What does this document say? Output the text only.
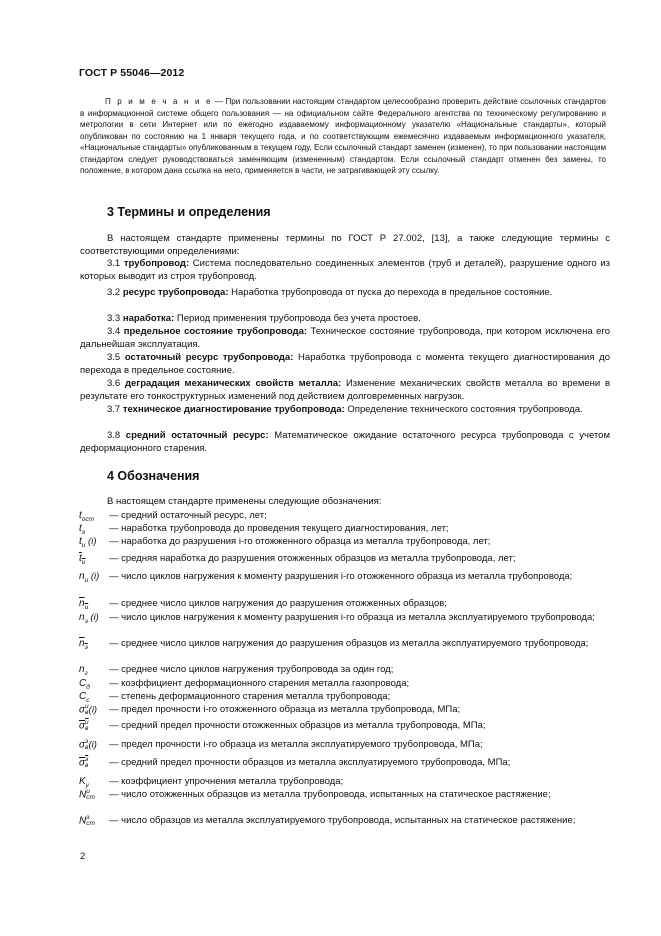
ГОСТ Р 55046—2012
П р и м е ч а н и е — При пользовании настоящим стандартом целесообразно проверить действие ссылочных стандартов в информационной системе общего пользования — на официальном сайте Федерального агентства по техническому регулированию и метрологии в сети Интернет или по ежегодно издаваемому информационному указателю «Национальные стандарты», который опубликован по состоянию на 1 января текущего года, и по соответствующим ежемесячно издаваемым информационного указателя, «Национальные стандарты» опубликованным в текущем году. Если ссылочный стандарт заменен (изменен), то при пользовании настоящим стандартом следует руководствоваться заменяющим (измененным) стандартом. Если ссылочный стандарт отменен без замены, то положение, в котором дана ссылка на него, применяется в части, не затрагивающей эту ссылку.
3 Термины и определения
В настоящем стандарте применены термины по ГОСТ Р 27.002, [13], а также следующие термины с соответствующими определениями:
3.1 трубопровод: Система последовательно соединенных элементов (труб и деталей), разрушение одного из которых выводит из строя трубопровод.
3.2 ресурс трубопровода: Наработка трубопровода от пуска до перехода в предельное состояние.
3.3 наработка: Период применения трубопровода без учета простоев.
3.4 предельное состояние трубопровода: Техническое состояние трубопровода, при котором исключена его дальнейшая эксплуатация.
3.5 остаточный ресурс трубопровода: Наработка трубопровода с момента текущего диагностирования до перехода в предельное состояние.
3.6 деградация механических свойств металла: Изменение механических свойств металла во времени в результате его тонкоструктурных изменений под действием долговременных нагрузок.
3.7 техническое диагностирование трубопровода: Определение технического состояния трубопровода.
3.8 средний остаточный ресурс: Математическое ожидание остаточного ресурса трубопровода с учетом деформационного старения.
4 Обозначения
В настоящем стандарте применены следующие обозначения:
$t_{ост}$	— средний остаточный ресурс, лет;
$t_э$	— наработка трубопровода до проведения текущего диагностирования, лет;
$t_и$ (i)	— наработка до разрушения i-го отожженного образца из металла трубопровода, лет;
$\overline{t}_и$	— средняя наработка до разрушения отожженных образцов из металла трубопровода, лет;
$n_и$ (i)	— число циклов нагружения к моменту разрушения i-го отожженного образца из металла трубопровода;
$\overline{n}_и$	— среднее число циклов нагружения до разрушения отожженных образцов;
$n_э$ (i)	— число циклов нагружения к моменту разрушения i-го образца из металла эксплуатируемого трубопровода;
$\overline{n}_э$	— среднее число циклов нагружения до разрушения образцов из металла эксплуатируемого трубопровода;
$n_г$	— среднее число циклов нагружения трубопровода за один год;
$C_д$	— коэффициент деформационного старения металла газопровода;
$C_с$	— степень деформационного старения металла трубопровода;
σ и
в (i)	— предел прочности i-го отожженного образца из металла трубопровода, МПа;
$\overline{\sigma}$ и
в — средний предел прочности отожженных образцов из металла трубопровода, МПа;
σ э
в (i)	— предел прочности i-го образца из металла эксплуатируемого трубопровода, МПа;
$\overline{\sigma}$ э
в — средний предел прочности образцов из металла эксплуатируемого трубопровода, МПа;
$K_у$	— коэффициент упрочнения металла трубопровода;
N и
ст — число отожженных образцов из металла трубопровода, испытанных на статическое растяжение;
N э
ст — число образцов из металла эксплуатируемого трубопровода, испытанных на статическое растяжение;
2
